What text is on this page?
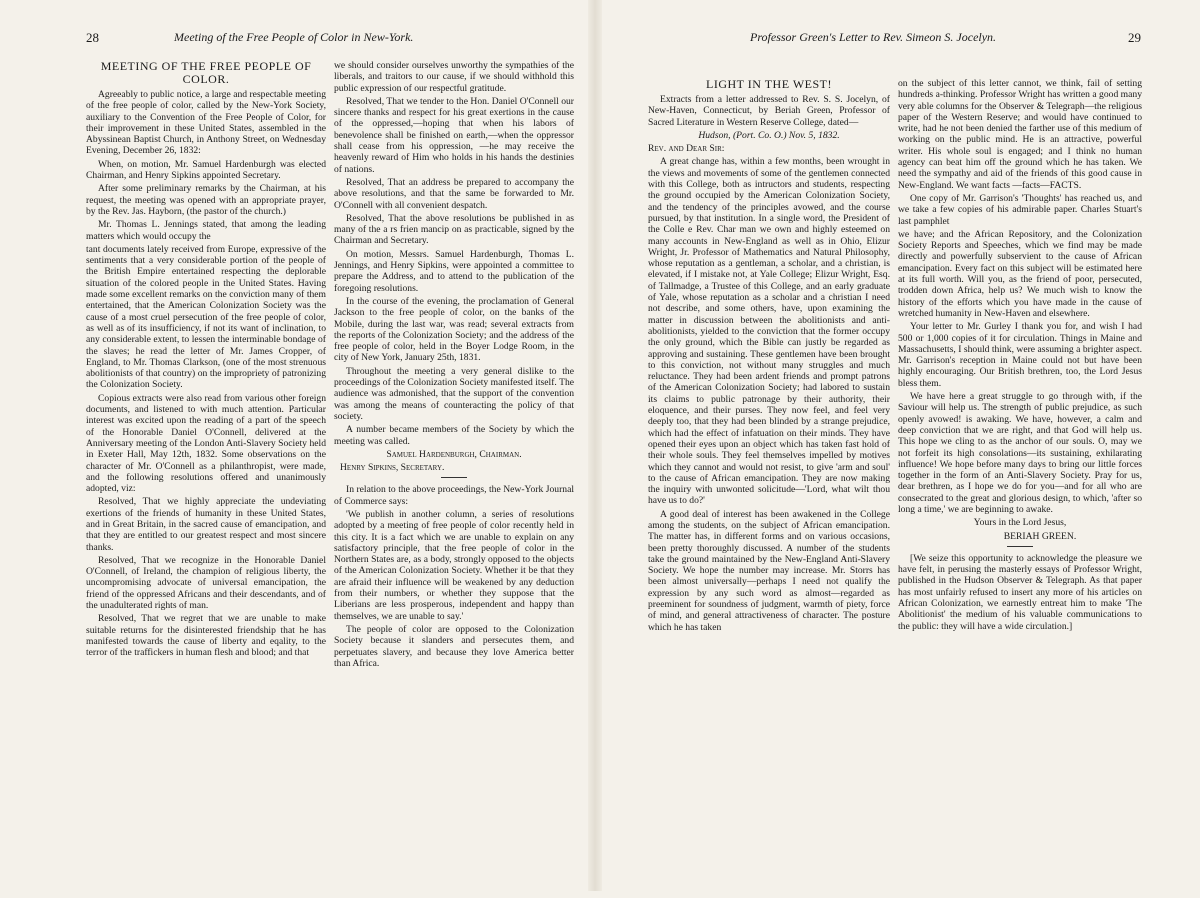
28	Meeting of the Free People of Color in New-York.
MEETING OF THE FREE PEOPLE OF COLOR.

Agreeably to public notice, a large and respectable meeting of the free people of color, called by the New-York Society, auxiliary to the Convention of the Free People of Color, for their improvement in these United States, assembled in the Abyssinean Baptist Church, in Anthony Street, on Wednesday Evening, December 26, 1832:

When, on motion, Mr. Samuel Hardenburgh was elected Chairman, and Henry Sipkins appointed Secretary.

After some preliminary remarks by the Chairman, at his request, the meeting was opened with an appropriate prayer, by the Rev. Jas. Hayborn, (the pastor of the church.)

Mr. Thomas L. Jennings stated, that among the leading matters which would occupy the

tant documents lately received from Europe, expressive of the sentiments that a very considerable portion of the people of the British Empire entertained respecting the deplorable situation of the colored people in the United States. Having made some excellent remarks on the conviction many of them entertained, that the American Colonization Society was the cause of a most cruel persecution of the free people of color, as well as of its insufficiency, if not its want of inclination, to any considerable extent, to lessen the interminable bondage of the slaves; he read the letter of Mr. James Cropper, of England, to Mr. Thomas Clarkson, (one of the most strenuous abolitionists of that country) on the impropriety of patronizing the Colonization Society.

Copious extracts were also read from various other foreign documents, and listened to with much attention. Particular interest was excited upon the reading of a part of the speech of the Honorable Daniel O'Connell, delivered at the Anniversary meeting of the London Anti-Slavery Society held in Exeter Hall, May 12th, 1832. Some observations on the character of Mr. O'Connell as a philanthropist, were made, and the following resolutions offered and unanimously adopted, viz:

Resolved, That we highly appreciate the undeviating exertions of the friends of humanity in these United States, and in Great Britain, in the sacred cause of emancipation, and that they are entitled to our greatest respect and most sincere thanks.

Resolved, That we recognize in the Honorable Daniel O'Connell, of Ireland, the champion of religious liberty, the uncompromising advocate of universal emancipation, the friend of the oppressed Africans and their descendants, and of the unadulterated rights of man.

Resolved, That we regret that we are unable to make suitable returns for the disinterested friendship that he has manifested towards the cause of liberty and eqality, to the terror of the traffickers in human flesh and blood; and that

we should consider ourselves unworthy the sympathies of the liberals, and traitors to our cause, if we should withhold this public expression of our respectful gratitude.

Resolved, That we tender to the Hon. Daniel O'Connell our sincere thanks and respect for his great exertions in the cause of the oppressed,—hoping that when his labors of benevolence shall be finished on earth,—when the oppressor shall cease from his oppression, —he may receive the heavenly reward of Him who holds in his hands the destinies of nations.

Resolved, That an address be prepared to accompany the above resolutions, and that the same be forwarded to Mr. O'Connell with all convenient despatch.

Resolved, That the above resolutions be published in as many of the a rs frien mancip on as practicable, signed by the Chairman and Secretary.

On motion, Messrs. Samuel Hardenburgh, Thomas L. Jennings, and Henry Sipkins, were appointed a committee to prepare the Address, and to attend to the publication of the foregoing resolutions.

In the course of the evening, the proclamation of General Jackson to the free people of color, on the banks of the Mobile, during the last war, was read; several extracts from the reports of the Colonization Society; and the address of the free people of color, held in the Boyer Lodge Room, in the city of New York, January 25th, 1831.

Throughout the meeting a very general dislike to the proceedings of the Colonization Society manifested itself. The audience was admonished, that the support of the convention was among the means of counteracting the policy of that society.

A number became members of the Society by which the meeting was called.

Samuel Hardenburgh, Chairman.

Henry Sipkins, Secretary.

In relation to the above proceedings, the New-York Journal of Commerce says:

'We publish in another column, a series of resolutions adopted by a meeting of free people of color recently held in this city. It is a fact which we are unable to explain on any satisfactory principle, that the free people of color in the Northern States are, as a body, strongly opposed to the objects of the American Colonization Society. Whether it be that they are afraid their influence will be weakened by any deduction from their numbers, or whether they suppose that the Liberians are less prosperous, independent and happy than themselves, we are unable to say.'

The people of color are opposed to the Colonization Society because it slanders and persecutes them, and perpetuates slavery, and because they love America better than Africa.

Professor Green's Letter to Rev. Simeon S. Jocelyn.	29
LIGHT IN THE WEST!

Extracts from a letter addressed to Rev. S. S. Jocelyn, of New-Haven, Connecticut, by Beriah Green, Professor of Sacred Literature in Western Reserve College, dated—

Hudson, (Port. Co. O.) Nov. 5, 1832.

Rev. and Dear Sir:

A great change has, within a few months, been wrought in the views and movements of some of the gentlemen connected with this College, both as intructors and students, respecting the ground occupied by the American Colonization Society, and the tendency of the principles avowed, and the course pursued, by that institution. In a single word, the President of the Colle e Rev. Char man we own and highly esteemed on many accounts in New-England as well as in Ohio, Elizur Wright, Jr. Professor of Mathematics and Natural Philosophy, whose reputation as a gentleman, a scholar, and a christian, is elevated, if I mistake not, at Yale College; Elizur Wright, Esq. of Tallmadge, a Trustee of this College, and an early graduate of Yale, whose reputation as a scholar and a christian I need not describe, and some others, have, upon examining the matter in discussion between the abolitionists and anti-abolitionists, yielded to the conviction that the former occupy the only ground, which the Bible can justly be regarded as approving and sustaining. These gentlemen have been brought to this conviction, not without many struggles and much reluctance. They had been ardent friends and prompt patrons of the American Colonization Society; had labored to sustain its claims to public patronage by their authority, their eloquence, and their purses. They now feel, and feel very deeply too, that they had been blinded by a strange prejudice, which had the effect of infatuation on their minds. They have opened their eyes upon an object which has taken fast hold of their whole souls. They feel themselves impelled by motives which they cannot and would not resist, to give 'arm and soul' to the cause of African emancipation. They are now making the inquiry with unwonted solicitude—'Lord, what wilt thou have us to do?'

A good deal of interest has been awakened in the College among the students, on the subject of African emancipation. The matter has, in different forms and on various occasions, been pretty thoroughly discussed. A number of the students take the ground maintained by the New-England Anti-Slavery Society. We hope the number may increase. Mr. Storrs has been almost universally—perhaps I need not qualify the expression by any such word as almost—regarded as preeminent for soundness of judgment, warmth of piety, force of mind, and general attractiveness of character. The posture which he has taken

on the subject of this letter cannot, we think, fail of setting hundreds a-thinking. Professor Wright has written a good many very able columns for the Observer & Telegraph—the religious paper of the Western Reserve; and would have continued to write, had he not been denied the farther use of this medium of working on the public mind. He is an attractive, powerful writer. His whole soul is engaged; and I think no human agency can beat him off the ground which he has taken. We need the sympathy and aid of the friends of this good cause in New-England. We want facts —facts—FACTS.

One copy of Mr. Garrison's 'Thoughts' has reached us, and we take a few copies of his admirable paper. Charles Stuart's last pamphlet

we have; and the African Repository, and the Colonization Society Reports and Speeches, which we find may be made directly and powerfully subservient to the cause of African emancipation. Every fact on this subject will be estimated here at its full worth. Will you, as the friend of poor, persecuted, trodden down Africa, help us? We much wish to know the history of the efforts which you have made in the cause of wretched humanity in New-Haven and elsewhere.

Your letter to Mr. Gurley I thank you for, and wish I had 500 or 1,000 copies of it for circulation. Things in Maine and Massachusetts, I should think, were assuming a brighter aspect. Mr. Garrison's reception in Maine could not but have been highly encouraging. Our British brethren, too, the Lord Jesus bless them.

We have here a great struggle to go through with, if the Saviour will help us. The strength of public prejudice, as such openly avowed! is awaking. We have, however, a calm and deep conviction that we are right, and that God will help us. This hope we cling to as the anchor of our souls. O, may we not forfeit its high consolations—its sustaining, exhilarating influence! We hope before many days to bring our little forces together in the form of an Anti-Slavery Society. Pray for us, dear brethren, as I hope we do for you—and for all who are consecrated to the great and glorious design, to which, 'after so long a time,' we are beginning to awake.

Yours in the Lord Jesus,

BERIAH GREEN.

[We seize this opportunity to acknowledge the pleasure we have felt, in perusing the masterly essays of Professor Wright, published in the Hudson Observer & Telegraph. As that paper has most unfairly refused to insert any more of his articles on African Colonization, we earnestly entreat him to make 'The Abolitionist' the medium of his valuable communications to the public: they will have a wide circulation.]
